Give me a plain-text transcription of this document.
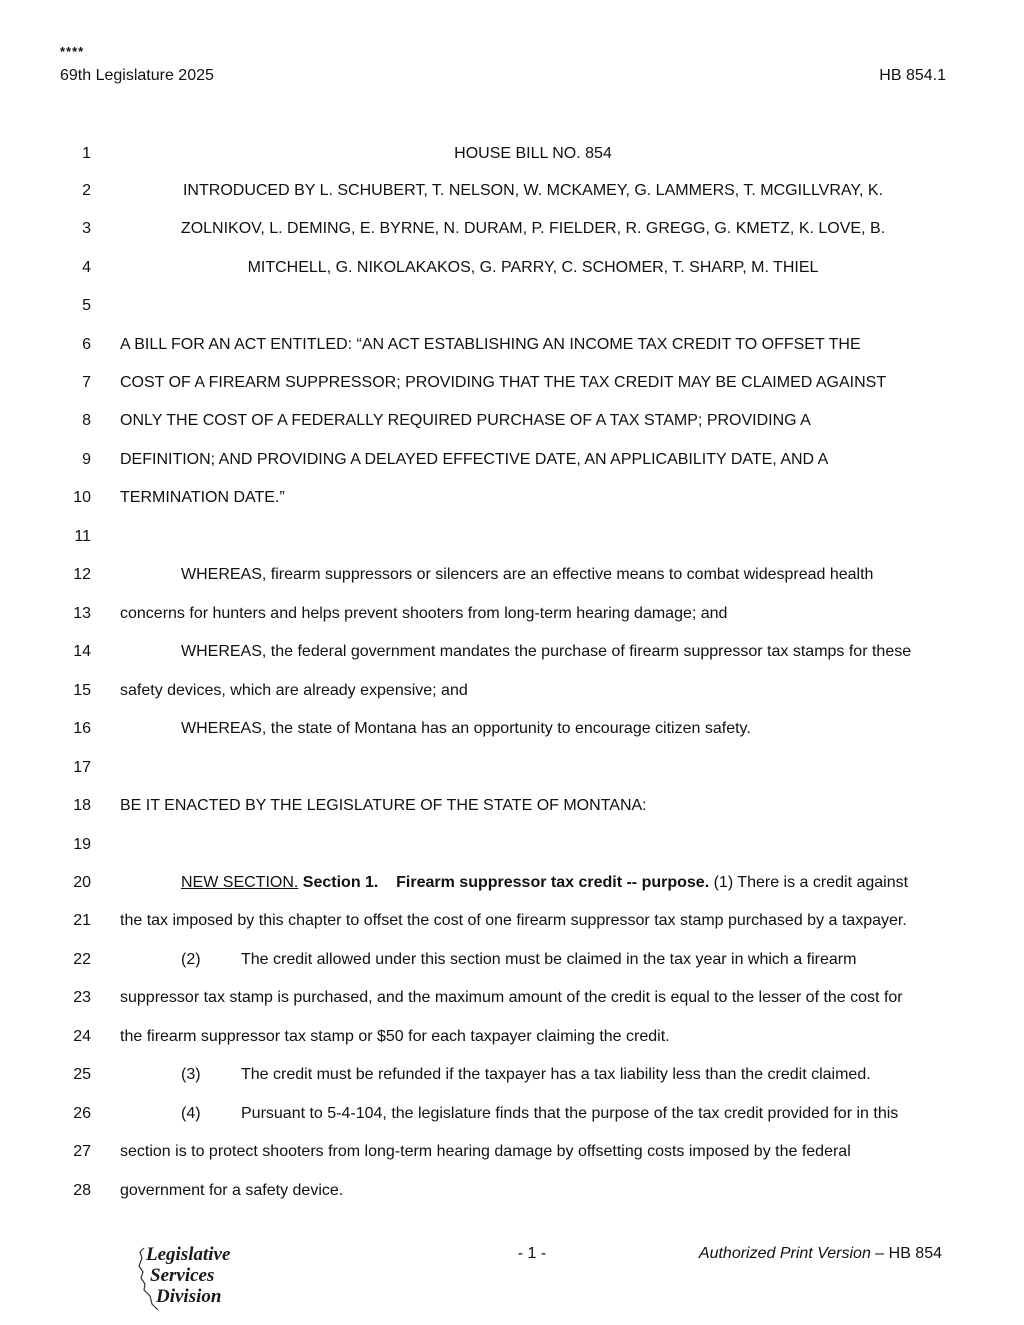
****
69th Legislature 2025	HB 854.1
1	HOUSE BILL NO. 854
2	INTRODUCED BY L. SCHUBERT, T. NELSON, W. MCKAMEY, G. LAMMERS, T. MCGILLVRAY, K.
3	ZOLNIKOV, L. DEMING, E. BYRNE, N. DURAM, P. FIELDER, R. GREGG, G. KMETZ, K. LOVE, B.
4	MITCHELL, G. NIKOLAKAKOS, G. PARRY, C. SCHOMER, T. SHARP, M. THIEL
5
6 A BILL FOR AN ACT ENTITLED: “AN ACT ESTABLISHING AN INCOME TAX CREDIT TO OFFSET THE
7 COST OF A FIREARM SUPPRESSOR; PROVIDING THAT THE TAX CREDIT MAY BE CLAIMED AGAINST
8 ONLY THE COST OF A FEDERALLY REQUIRED PURCHASE OF A TAX STAMP; PROVIDING A
9 DEFINITION; AND PROVIDING A DELAYED EFFECTIVE DATE, AN APPLICABILITY DATE, AND A
10 TERMINATION DATE.”
11
12	WHEREAS, firearm suppressors or silencers are an effective means to combat widespread health
13 concerns for hunters and helps prevent shooters from long-term hearing damage; and
14	WHEREAS, the federal government mandates the purchase of firearm suppressor tax stamps for these
15 safety devices, which are already expensive; and
16	WHEREAS, the state of Montana has an opportunity to encourage citizen safety.
17
18 BE IT ENACTED BY THE LEGISLATURE OF THE STATE OF MONTANA:
19
20	NEW SECTION. Section 1. Firearm suppressor tax credit -- purpose. (1) There is a credit against
21 the tax imposed by this chapter to offset the cost of one firearm suppressor tax stamp purchased by a taxpayer.
22	(2)	The credit allowed under this section must be claimed in the tax year in which a firearm
23 suppressor tax stamp is purchased, and the maximum amount of the credit is equal to the lesser of the cost for
24 the firearm suppressor tax stamp or $50 for each taxpayer claiming the credit.
25	(3)	The credit must be refunded if the taxpayer has a tax liability less than the credit claimed.
26	(4)	Pursuant to 5-4-104, the legislature finds that the purpose of the tax credit provided for in this
27 section is to protect shooters from long-term hearing damage by offsetting costs imposed by the federal
28 government for a safety device.
Legislative
Services
Division
- 1 -	Authorized Print Version – HB 854
